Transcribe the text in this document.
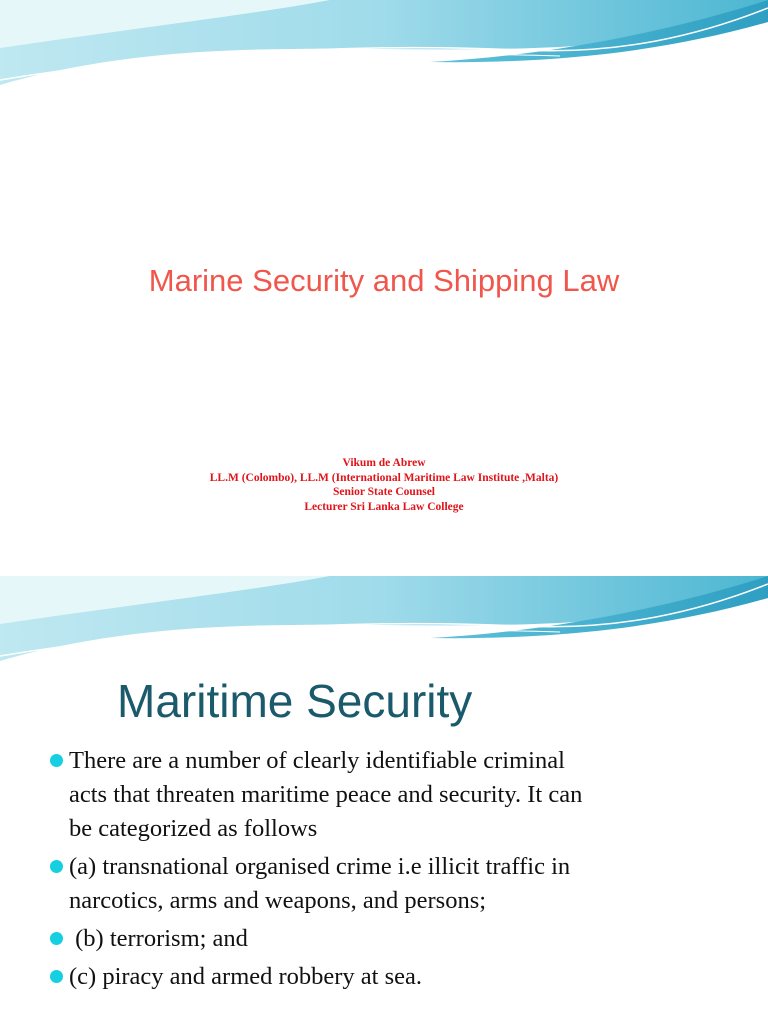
Marine Security and Shipping Law
Vikum de Abrew
LL.M (Colombo), LL.M (International Maritime Law Institute ,Malta)
Senior State Counsel
Lecturer Sri Lanka Law College
Maritime Security
There are a number of clearly identifiable criminal
acts that threaten maritime peace and security. It can
be categorized as follows
(a) transnational organised crime i.e illicit traffic in
narcotics, arms and weapons, and persons;
(b) terrorism; and
(c) piracy and armed robbery at sea.
